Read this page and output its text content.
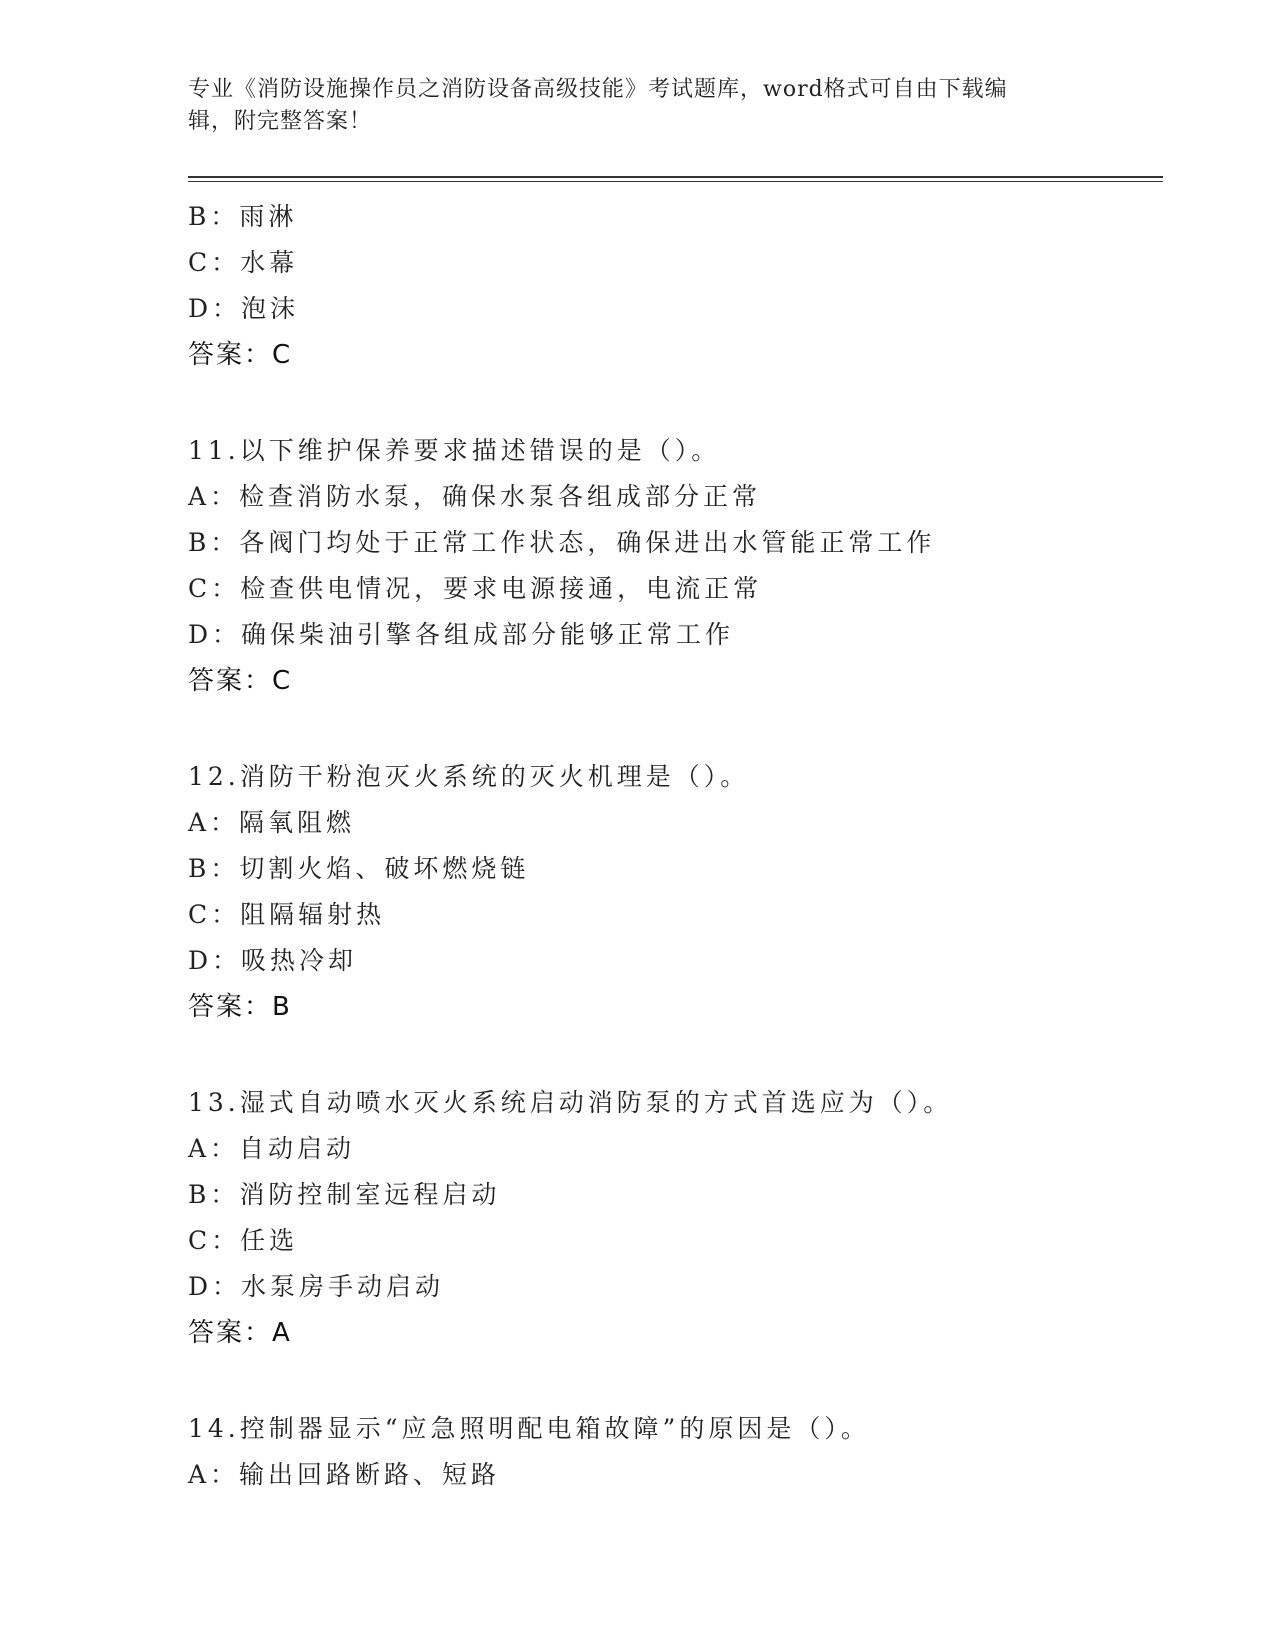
专业《消防设施操作员之消防设备高级技能》考试题库，word格式可自由下载编
辑，附完整答案！
B：雨淋
C：水幕
D：泡沫
答案：C
11.以下维护保养要求描述错误的是（）。
A：检查消防水泵，确保水泵各组成部分正常
B：各阀门均处于正常工作状态，确保进出水管能正常工作
C：检查供电情况，要求电源接通，电流正常
D：确保柴油引擎各组成部分能够正常工作
答案：C
12.消防干粉泡灭火系统的灭火机理是（）。
A：隔氧阻燃
B：切割火焰、破坏燃烧链
C：阻隔辐射热
D：吸热冷却
答案：B
13.湿式自动喷水灭火系统启动消防泵的方式首选应为（）。
A：自动启动
B：消防控制室远程启动
C：任选
D：水泵房手动启动
答案：A
14.控制器显示“应急照明配电箱故障”的原因是（）。
A：输出回路断路、短路
